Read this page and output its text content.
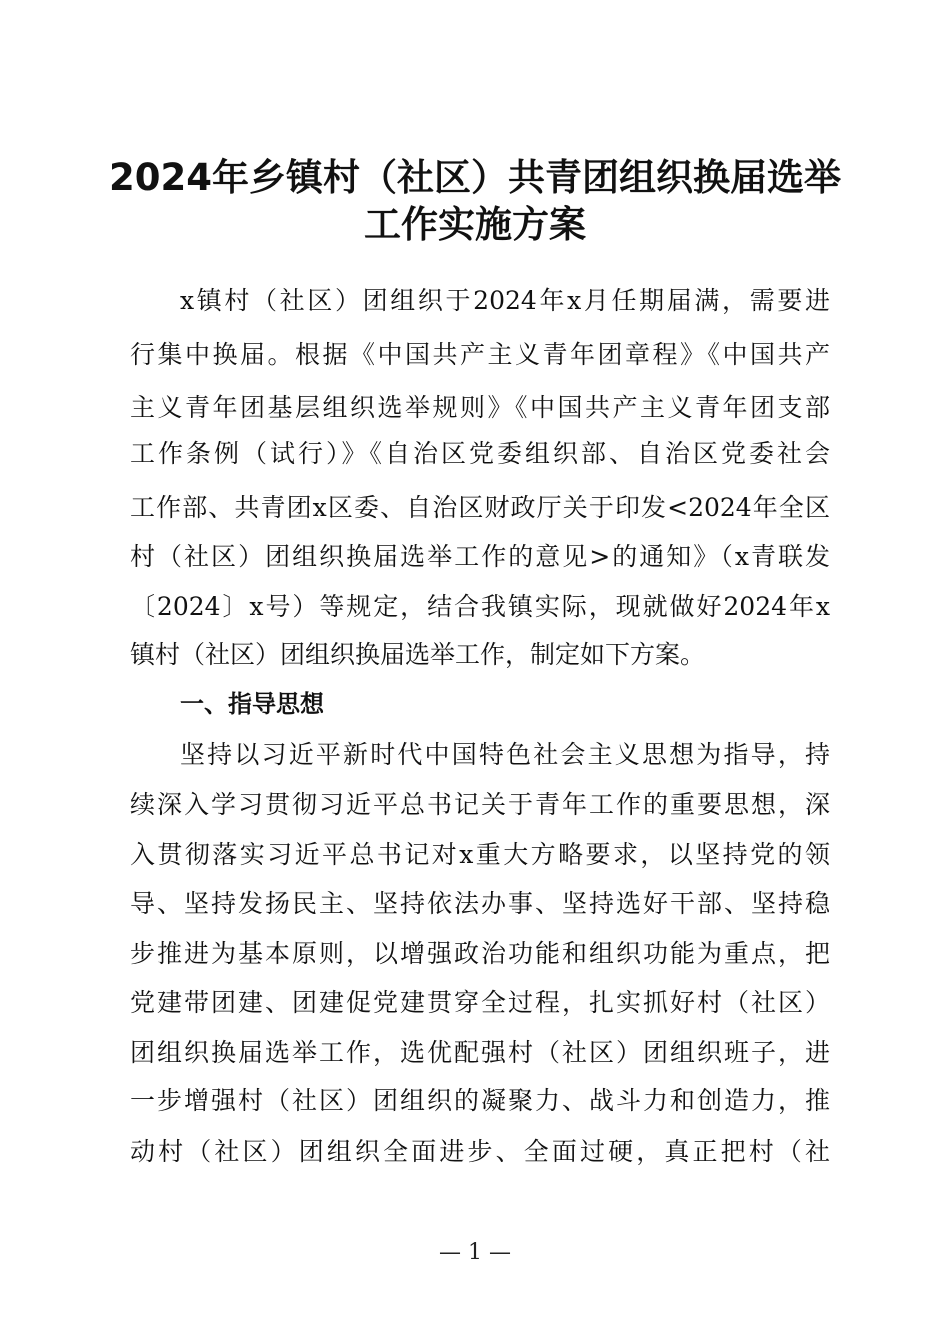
2024年乡镇村（社区）共青团组织换届选举
工作实施方案

x镇村（社区）团组织于2024年x月任期届满，需要进

行集中换届。根据《中国共产主义青年团章程》《中国共产

主义青年团基层组织选举规则》《中国共产主义青年团支部

工作条例（试行）》《自治区党委组织部、自治区党委社会

工作部、共青团x区委、自治区财政厅关于印发<2024年全区

村（社区）团组织换届选举工作的意见>的通知》（x青联发

〔2024〕x号）等规定，结合我镇实际，现就做好2024年x

镇村（社区）团组织换届选举工作，制定如下方案。

一、指导思想

坚持以习近平新时代中国特色社会主义思想为指导，持

续深入学习贯彻习近平总书记关于青年工作的重要思想，深

入贯彻落实习近平总书记对x重大方略要求，以坚持党的领

导、坚持发扬民主、坚持依法办事、坚持选好干部、坚持稳

步推进为基本原则，以增强政治功能和组织功能为重点，把

党建带团建、团建促党建贯穿全过程，扎实抓好村（社区）

团组织换届选举工作，选优配强村（社区）团组织班子，进

一步增强村（社区）团组织的凝聚力、战斗力和创造力，推

动村（社区）团组织全面进步、全面过硬，真正把村（社

— 1 —
